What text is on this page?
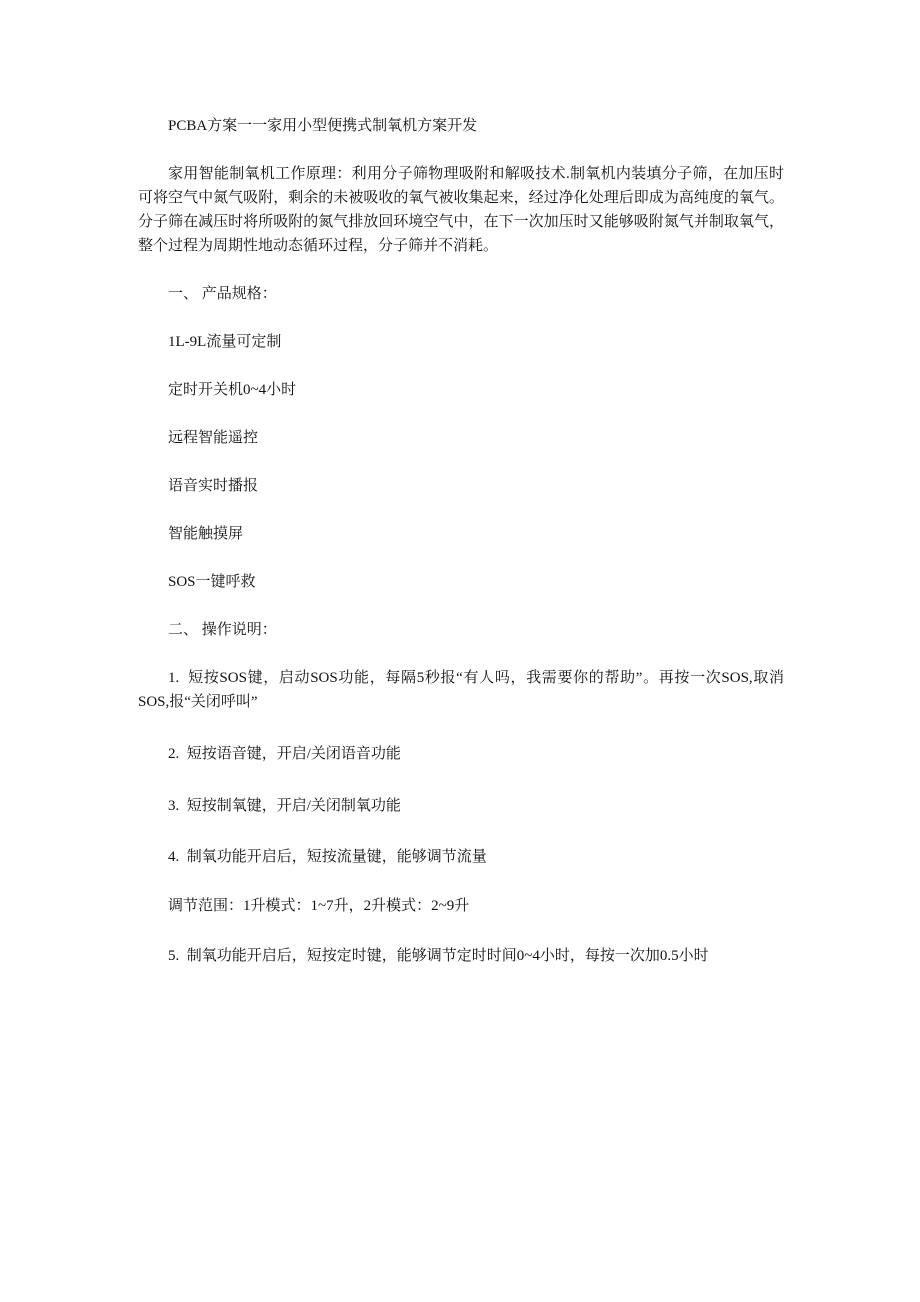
PCBA方案一一家用小型便携式制氧机方案开发

家用智能制氧机工作原理：利用分子筛物理吸附和解吸技术.制氧机内装填分子筛，在加压时可将空气中氮气吸附，剩余的未被吸收的氧气被收集起来，经过净化处理后即成为高纯度的氧气。分子筛在减压时将所吸附的氮气排放回环境空气中，在下一次加压时又能够吸附氮气并制取氧气，整个过程为周期性地动态循环过程，分子筛并不消耗。

一、 产品规格：

1L-9L流量可定制

定时开关机0~4小时

远程智能遥控

语音实时播报

智能触摸屏

SOS一键呼救

二、 操作说明：

1.  短按SOS键，启动SOS功能，每隔5秒报“有人吗，我需要你的帮助”。再按一次SOS,取消SOS,报“关闭呼叫”

2.  短按语音键，开启/关闭语音功能

3.  短按制氧键，开启/关闭制氧功能

4.  制氧功能开启后，短按流量键，能够调节流量

调节范围：1升模式：1~7升，2升模式：2~9升

5.  制氧功能开启后，短按定时键，能够调节定时时间0~4小时，每按一次加0.5小时
